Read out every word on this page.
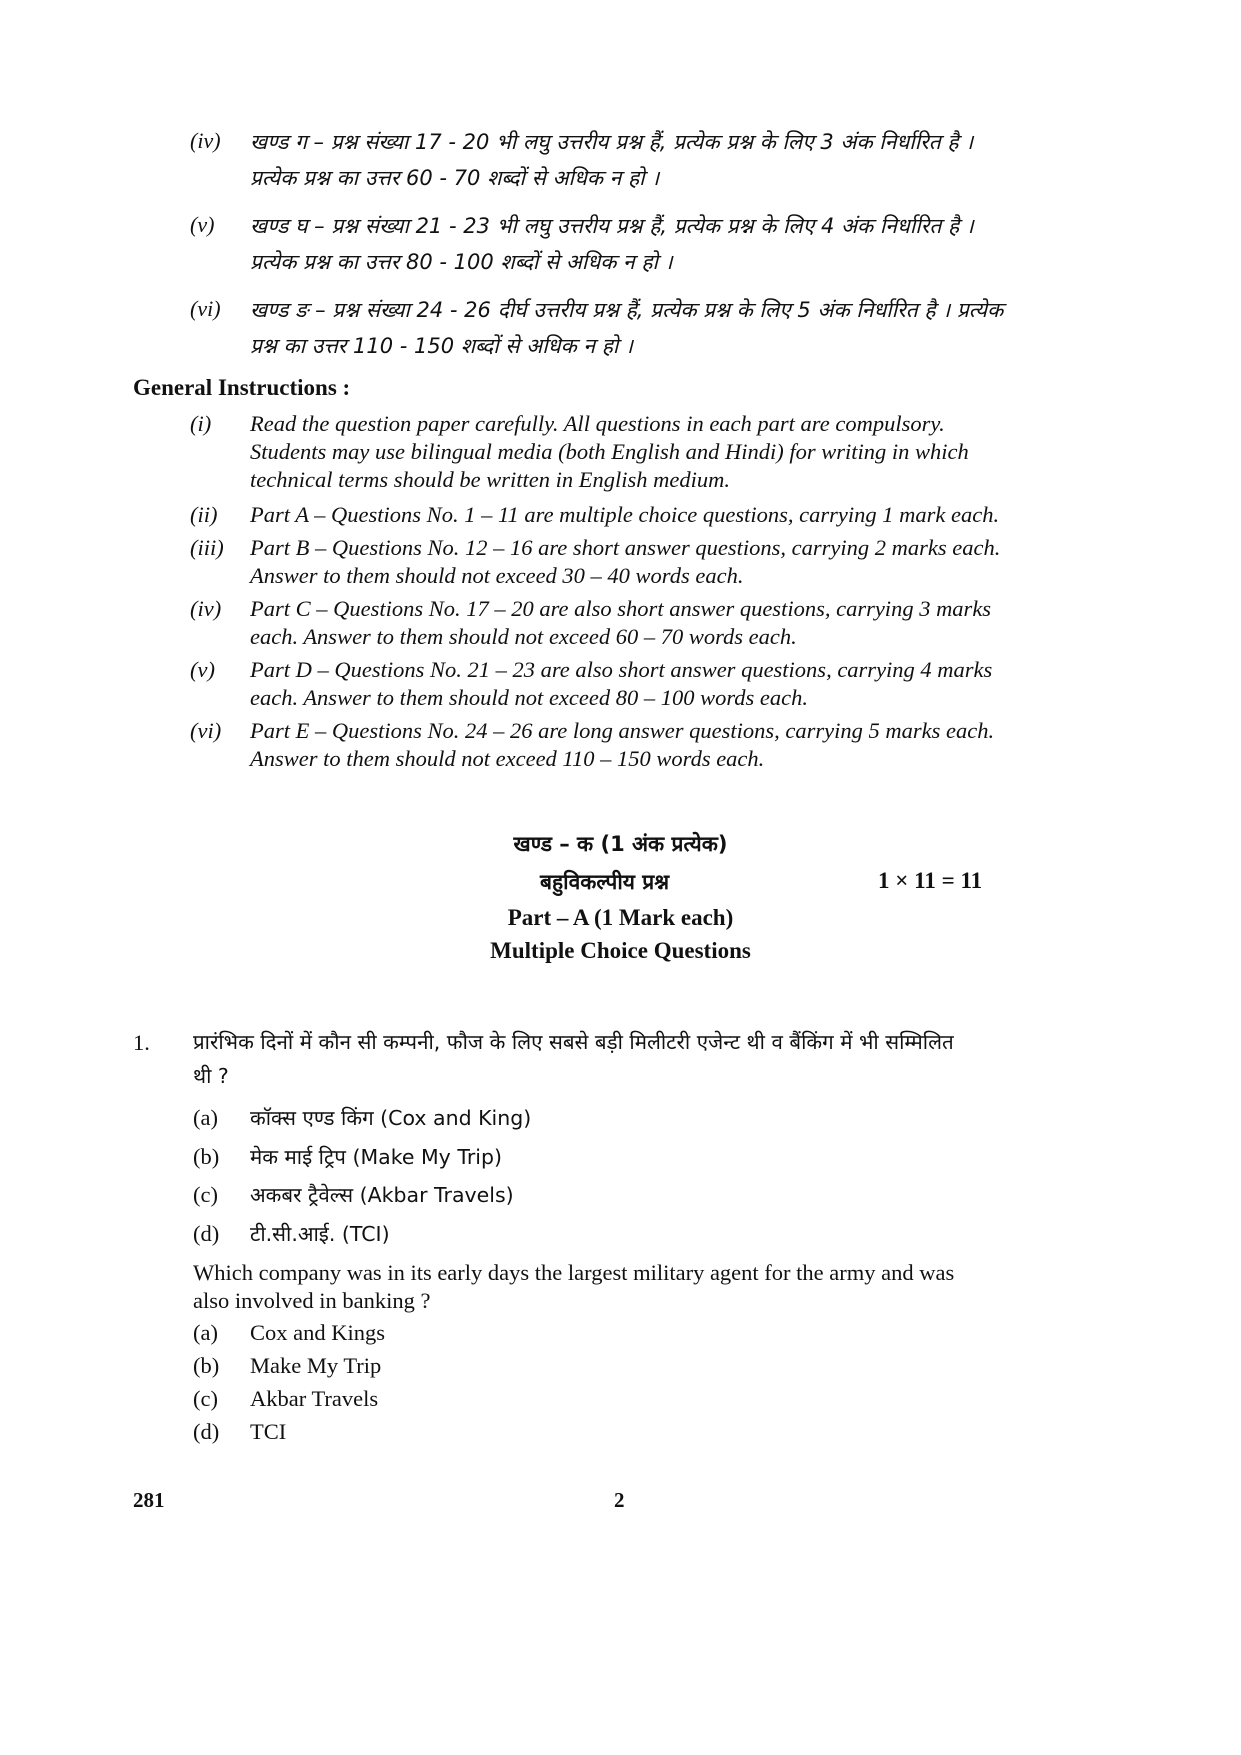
(iv) खण्ड ग – प्रश्न संख्या 17 - 20 भी लघु उत्तरीय प्रश्न हैं, प्रत्येक प्रश्न के लिए 3 अंक निर्धारित है ।
प्रत्येक प्रश्न का उत्तर 60 - 70 शब्दों से अधिक न हो ।
(v) खण्ड घ – प्रश्न संख्या 21 - 23 भी लघु उत्तरीय प्रश्न हैं, प्रत्येक प्रश्न के लिए 4 अंक निर्धारित है ।
प्रत्येक प्रश्न का उत्तर 80 - 100 शब्दों से अधिक न हो ।
(vi) खण्ड ङ – प्रश्न संख्या 24 - 26 दीर्घ उत्तरीय प्रश्न हैं, प्रत्येक प्रश्न के लिए 5 अंक निर्धारित है । प्रत्येक
प्रश्न का उत्तर 110 - 150 शब्दों से अधिक न हो ।
General Instructions :
(i) Read the question paper carefully. All questions in each part are compulsory.
Students may use bilingual media (both English and Hindi) for writing in which
technical terms should be written in English medium.
(ii) Part A – Questions No. 1 – 11 are multiple choice questions, carrying 1 mark each.
(iii) Part B – Questions No. 12 – 16 are short answer questions, carrying 2 marks each.
Answer to them should not exceed 30 – 40 words each.
(iv) Part C – Questions No. 17 – 20 are also short answer questions, carrying 3 marks
each. Answer to them should not exceed 60 – 70 words each.
(v) Part D – Questions No. 21 – 23 are also short answer questions, carrying 4 marks
each. Answer to them should not exceed 80 – 100 words each.
(vi) Part E – Questions No. 24 – 26 are long answer questions, carrying 5 marks each.
Answer to them should not exceed 110 – 150 words each.
खण्ड – क (1 अंक प्रत्येक)
बहुविकल्पीय प्रश्न	1 × 11 = 11
Part – A (1 Mark each)
Multiple Choice Questions
1. प्रारंभिक दिनों में कौन सी कम्पनी, फौज के लिए सबसे बड़ी मिलीटरी एजेन्ट थी व बैंकिंग में भी सम्मिलित
थी ?
(a) कॉक्स एण्ड किंग (Cox and King)
(b) मेक माई ट्रिप (Make My Trip)
(c) अकबर ट्रैवेल्स (Akbar Travels)
(d) टी.सी.आई. (TCI)
Which company was in its early days the largest military agent for the army and was
also involved in banking ?
(a) Cox and Kings
(b) Make My Trip
(c) Akbar Travels
(d) TCI
281	2
